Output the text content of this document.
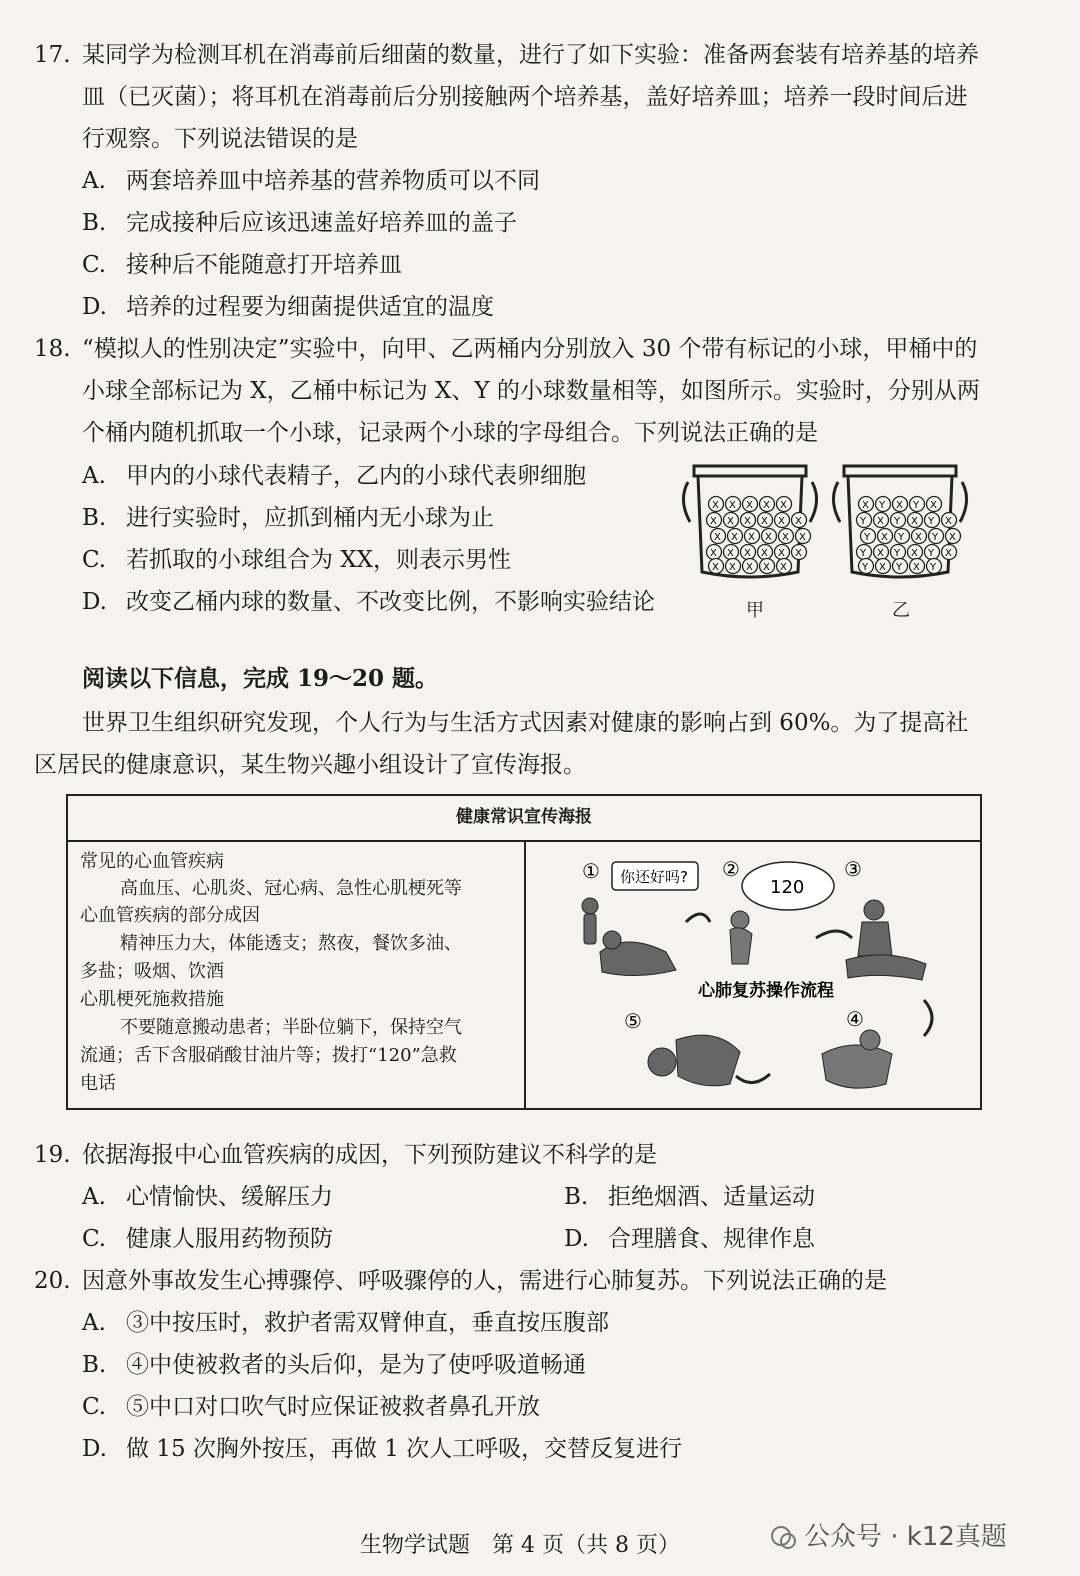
17. 某同学为检测耳机在消毒前后细菌的数量，进行了如下实验：准备两套装有培养基的培养
皿（已灭菌）；将耳机在消毒前后分别接触两个培养基，盖好培养皿；培养一段时间后进
行观察。下列说法错误的是
A. 两套培养皿中培养基的营养物质可以不同
B. 完成接种后应该迅速盖好培养皿的盖子
C. 接种后不能随意打开培养皿
D. 培养的过程要为细菌提供适宜的温度
18. “模拟人的性别决定”实验中，向甲、乙两桶内分别放入 30 个带有标记的小球，甲桶中的
小球全部标记为 X，乙桶中标记为 X、Y 的小球数量相等，如图所示。实验时，分别从两
个桶内随机抓取一个小球，记录两个小球的字母组合。下列说法正确的是
A. 甲内的小球代表精子，乙内的小球代表卵细胞
B. 进行实验时，应抓到桶内无小球为止
C. 若抓取的小球组合为 XX，则表示男性
D. 改变乙桶内球的数量、不改变比例，不影响实验结论
X X X X X
X X X X X X
X X X X X X
X X X X X X
X X X X X
X Y X Y X
Y X Y X Y X
Y X Y X Y X
Y X Y X Y X
Y X Y X Y
甲	乙
阅读以下信息，完成 19～20 题。
世界卫生组织研究发现，个人行为与生活方式因素对健康的影响占到 60%。为了提高社
区居民的健康意识，某生物兴趣小组设计了宣传海报。
健康常识宣传海报
常见的心血管疾病
高血压、心肌炎、冠心病、急性心肌梗死等
心血管疾病的部分成因
精神压力大，体能透支；熬夜，餐饮多油、
多盐；吸烟、饮酒
心肌梗死施救措施
不要随意搬动患者；半卧位躺下，保持空气
流通；舌下含服硝酸甘油片等；拨打“120”急救
电话
①	②	③
④
⑤
你还好吗?	120
心肺复苏操作流程
19. 依据海报中心血管疾病的成因，下列预防建议不科学的是
A. 心情愉快、缓解压力	B. 拒绝烟酒、适量运动
C. 健康人服用药物预防	D. 合理膳食、规律作息
20. 因意外事故发生心搏骤停、呼吸骤停的人，需进行心肺复苏。下列说法正确的是
A. ③中按压时，救护者需双臂伸直，垂直按压腹部
B. ④中使被救者的头后仰，是为了使呼吸道畅通
C. ⑤中口对口吹气时应保证被救者鼻孔开放
D. 做 15 次胸外按压，再做 1 次人工呼吸，交替反复进行
生物学试题　第 4 页（共 8 页）	公众号 · k12真题
